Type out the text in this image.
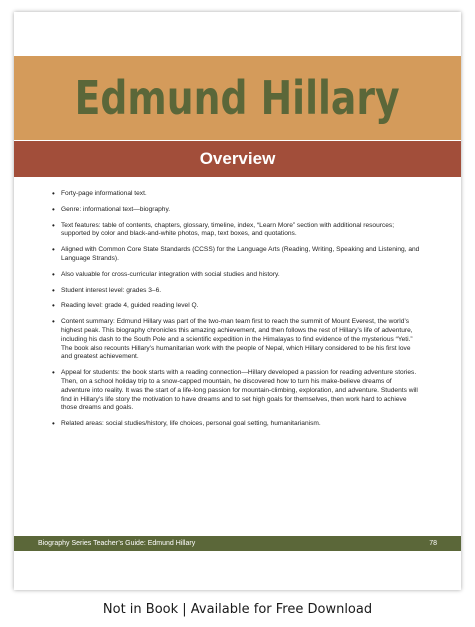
Edmund Hillary
Overview
• Forty-page informational text.
• Genre: informational text—biography.
• Text features: table of contents, chapters, glossary, timeline, index, “Learn More” section with additional resources; supported by color and black-and-white photos, map, text boxes, and quotations.
• Aligned with Common Core State Standards (CCSS) for the Language Arts (Reading, Writing, Speaking and Listening, and Language Strands).
• Also valuable for cross-curricular integration with social studies and history.
• Student interest level: grades 3–6.
• Reading level: grade 4, guided reading level Q.
• Content summary: Edmund Hillary was part of the two-man team first to reach the summit of Mount Everest, the world’s highest peak. This biography chronicles this amazing achievement, and then follows the rest of Hillary’s life of adventure, including his dash to the South Pole and a scientific expedition in the Himalayas to find evidence of the mysterious “Yeti.” The book also recounts Hillary’s humanitarian work with the people of Nepal, which Hillary considered to be his first love and greatest achievement.
• Appeal for students: the book starts with a reading connection—Hillary developed a passion for reading adventure stories. Then, on a school holiday trip to a snow-capped mountain, he discovered how to turn his make-believe dreams of adventure into reality. It was the start of a life-long passion for mountain-climbing, exploration, and adventure. Students will find in Hillary’s life story the motivation to have dreams and to set high goals for themselves, then work hard to achieve those dreams and goals.
• Related areas: social studies/history, life choices, personal goal setting, humanitarianism.
Biography Series Teacher’s Guide: Edmund Hillary	78
Not in Book | Available for Free Download
